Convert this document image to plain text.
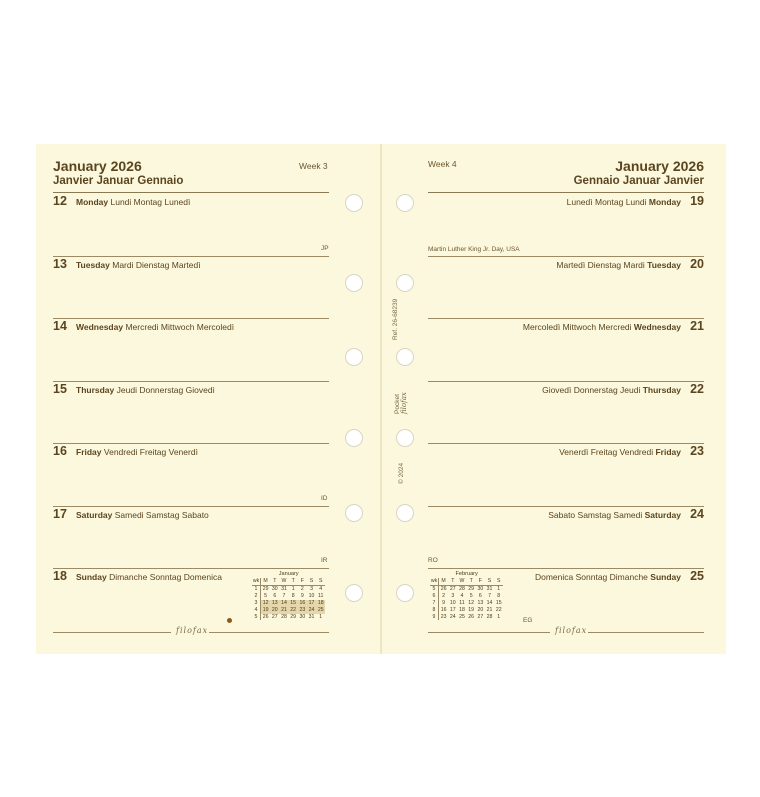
January 2026
Janvier Januar Gennaio
Week 3	Week 4	January 2026
Gennaio Januar Janvier
12 Monday Lundi Montag Lunedì
JP
13 Tuesday Mardi Dienstag Martedì
14 Wednesday Mercredi Mittwoch Mercoledì
15 Thursday Jeudi Donnerstag Giovedì
16 Friday Vendredi Freitag Venerdì
ID
17 Saturday Samedi Samstag Sabato
IR
18 Sunday Dimanche Sonntag Domenica
19
Lunedì Montag Lundi Monday
20
Martedì Dienstag Mardi Tuesday
21
Mercoledì Mittwoch Mercredi Wednesday
22
Giovedì Donnerstag Jeudi Thursday
23
Venerdì Freitag Vendredi Friday
24
Sabato Samstag Samedi Saturday
RO
25
Domenica Sonntag Dimanche Sunday
EG
Martin Luther King Jr. Day, USA
January
wk	M	T	W	T	F	S	S
1	29	30	31	1	2	3	4
2	5	6	7	8	9	10	11
3	12	13	14	15	16	17	18
4	19	20	21	22	23	24	25
5	26	27	28	29	30	31	1
February
wk	M	T	W	T	F	S	S
5	26	27	28	29	30	31	1
6	2	3	4	5	6	7	8
7	9	10	11	12	13	14	15
8	16	17	18	19	20	21	22
9	23	24	25	26	27	28	1
filofax	filofax
Ref. 26-68239
Pocket filofax
© 2024
